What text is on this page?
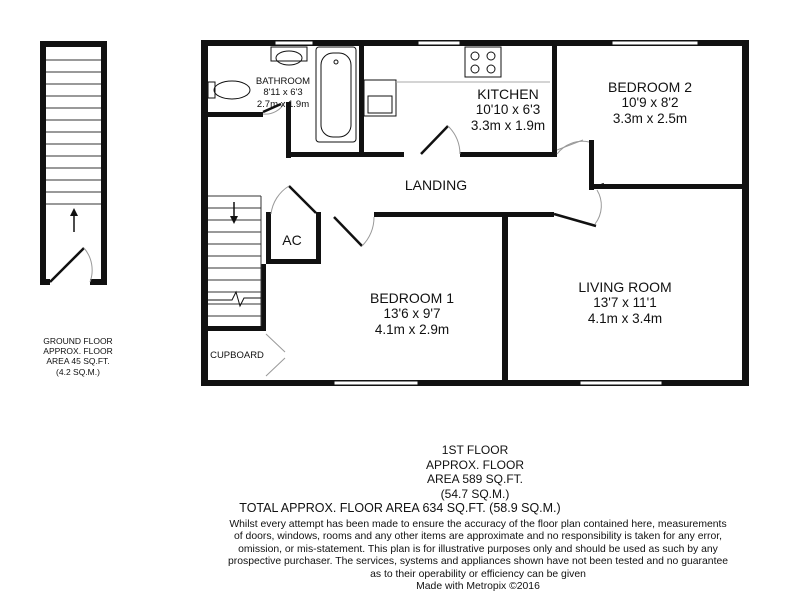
GROUND FLOOR
APPROX. FLOOR
AREA 45 SQ.FT.
(4.2 SQ.M.)
BATHROOM
8'11 x 6'3
2.7m x 1.9m
KITCHEN
10'10 x 6'3
3.3m x 1.9m
BEDROOM 2
10'9 x 8'2
3.3m x 2.5m
LANDING
AC
BEDROOM 1
13'6 x 9'7
4.1m x 2.9m
LIVING ROOM
13'7 x 11'1
4.1m x 3.4m
CUPBOARD
1ST FLOOR
APPROX. FLOOR
AREA 589 SQ.FT.
(54.7 SQ.M.)
TOTAL APPROX. FLOOR AREA 634 SQ.FT. (58.9 SQ.M.)
Whilst every attempt has been made to ensure the accuracy of the floor plan contained here, measurements
of doors, windows, rooms and any other items are approximate and no responsibility is taken for any error,
omission, or mis-statement. This plan is for illustrative purposes only and should be used as such by any
prospective purchaser. The services, systems and appliances shown have not been tested and no guarantee
as to their operability or efficiency can be given
Made with Metropix ©2016
